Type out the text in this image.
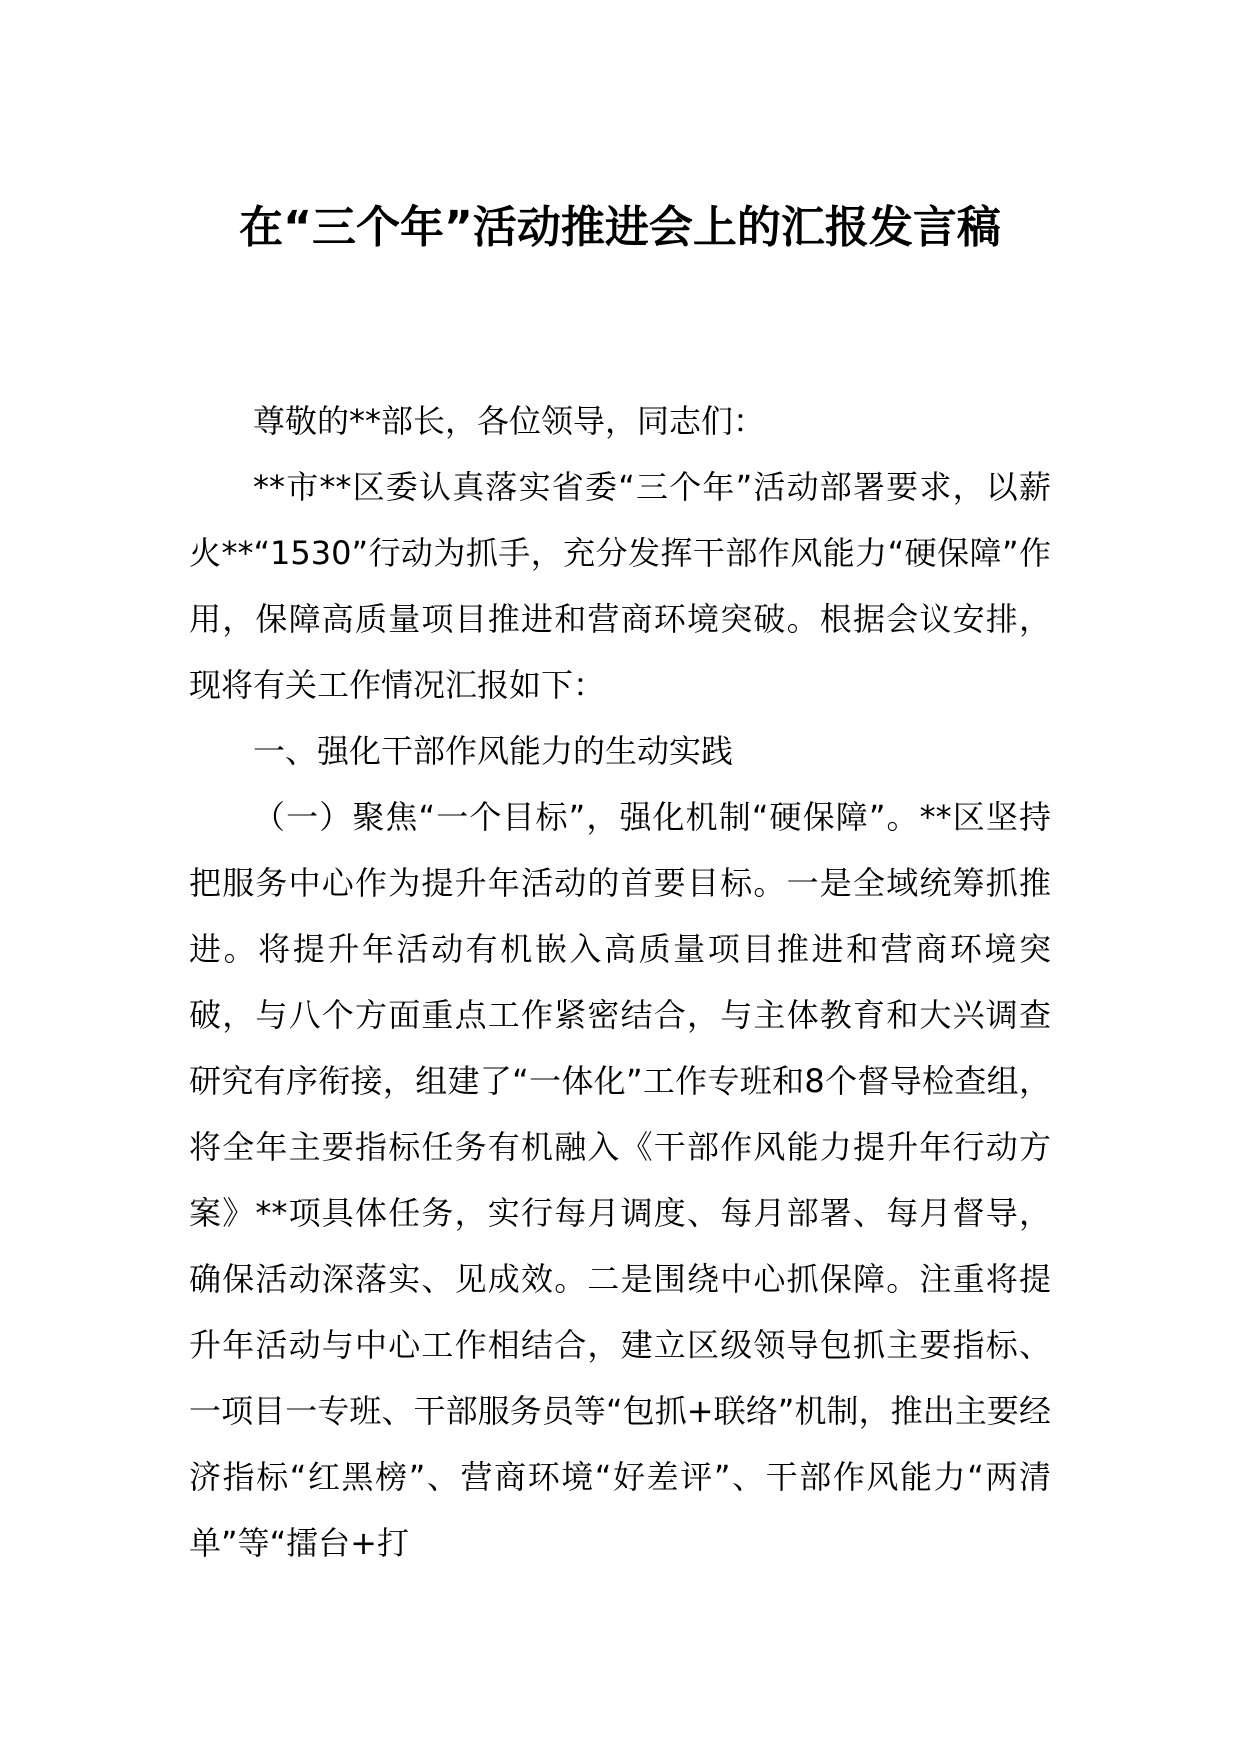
在“三个年”活动推进会上的汇报发言稿

尊敬的**部长，各位领导，同志们：

**市**区委认真落实省委“三个年”活动部署要求，以薪火**“1530”行动为抓手，充分发挥干部作风能力“硬保障”作用，保障高质量项目推进和营商环境突破。根据会议安排，现将有关工作情况汇报如下：

一、强化干部作风能力的生动实践

（一）聚焦“一个目标”，强化机制“硬保障”。**区坚持把服务中心作为提升年活动的首要目标。一是全域统筹抓推进。将提升年活动有机嵌入高质量项目推进和营商环境突破，与八个方面重点工作紧密结合，与主体教育和大兴调查研究有序衔接，组建了“一体化”工作专班和8个督导检查组，将全年主要指标任务有机融入《干部作风能力提升年行动方案》**项具体任务，实行每月调度、每月部署、每月督导，确保活动深落实、见成效。二是围绕中心抓保障。注重将提升年活动与中心工作相结合，建立区级领导包抓主要指标、一项目一专班、干部服务员等“包抓+联络”机制，推出主要经济指标“红黑榜”、营商环境“好差评”、干部作风能力“两清单”等“擂台+打
